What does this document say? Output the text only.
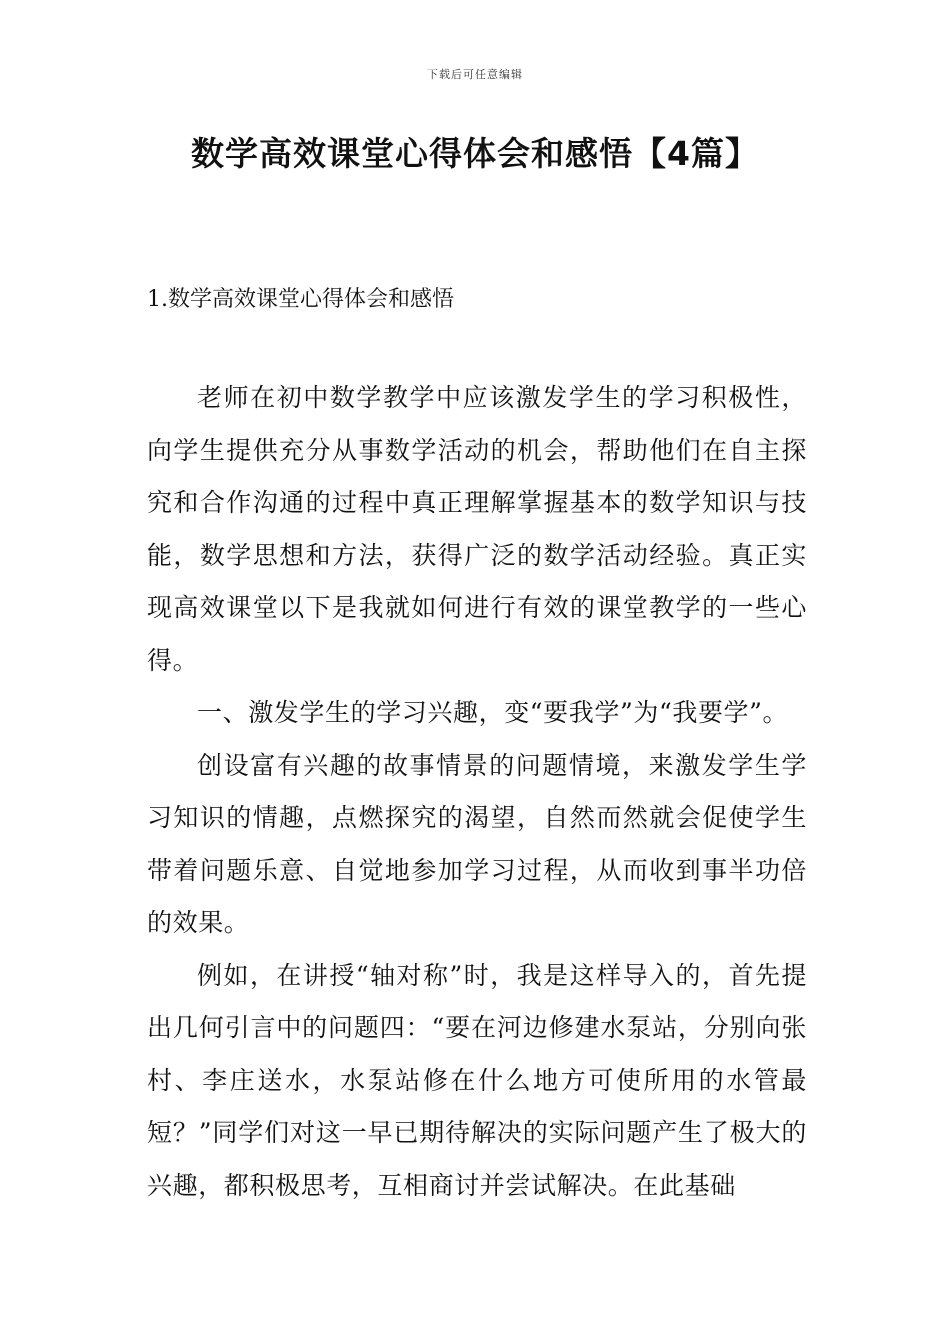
下载后可任意编辑
数学高效课堂心得体会和感悟【4篇】
1.数学高效课堂心得体会和感悟

老师在初中数学教学中应该激发学生的学习积极性，向学生提供充分从事数学活动的机会，帮助他们在自主探究和合作沟通的过程中真正理解掌握基本的数学知识与技能，数学思想和方法，获得广泛的数学活动经验。真正实现高效课堂以下是我就如何进行有效的课堂教学的一些心得。

一、激发学生的学习兴趣，变“要我学”为“我要学”。

创设富有兴趣的故事情景的问题情境，来激发学生学习知识的情趣，点燃探究的渴望，自然而然就会促使学生带着问题乐意、自觉地参加学习过程，从而收到事半功倍的效果。

例如，在讲授“轴对称”时，我是这样导入的，首先提出几何引言中的问题四：“要在河边修建水泵站，分别向张村、李庄送水，水泵站修在什么地方可使所用的水管最短？”同学们对这一早已期待解决的实际问题产生了极大的兴趣，都积极思考，互相商讨并尝试解决。在此基础
